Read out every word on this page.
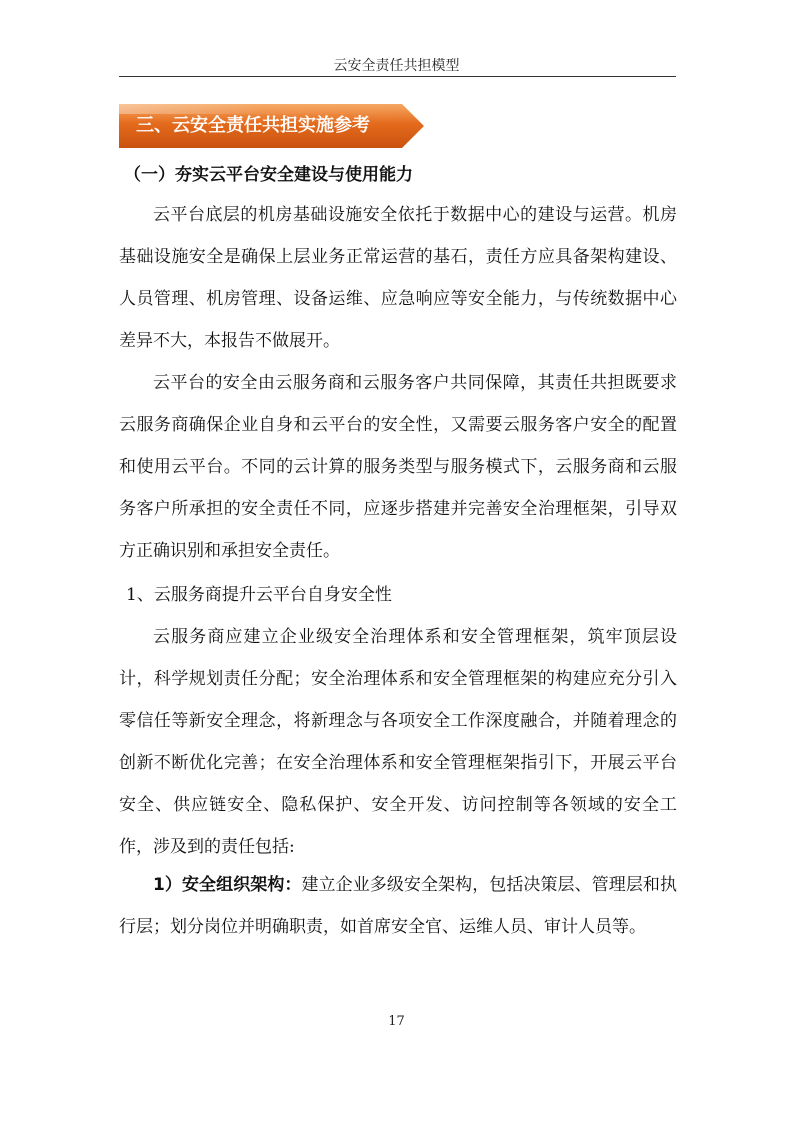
云安全责任共担模型
三、云安全责任共担实施参考
（一）夯实云平台安全建设与使用能力

云平台底层的机房基础设施安全依托于数据中心的建设与运营。机房基础设施安全是确保上层业务正常运营的基石，责任方应具备架构建设、人员管理、机房管理、设备运维、应急响应等安全能力，与传统数据中心差异不大，本报告不做展开。

云平台的安全由云服务商和云服务客户共同保障，其责任共担既要求云服务商确保企业自身和云平台的安全性，又需要云服务客户安全的配置和使用云平台。不同的云计算的服务类型与服务模式下，云服务商和云服务客户所承担的安全责任不同，应逐步搭建并完善安全治理框架，引导双方正确识别和承担安全责任。

1、云服务商提升云平台自身安全性

云服务商应建立企业级安全治理体系和安全管理框架，筑牢顶层设计，科学规划责任分配；安全治理体系和安全管理框架的构建应充分引入零信任等新安全理念，将新理念与各项安全工作深度融合，并随着理念的创新不断优化完善；在安全治理体系和安全管理框架指引下，开展云平台安全、供应链安全、隐私保护、安全开发、访问控制等各领域的安全工作，涉及到的责任包括:

1）安全组织架构：建立企业多级安全架构，包括决策层、管理层和执行层；划分岗位并明确职责，如首席安全官、运维人员、审计人员等。

17
